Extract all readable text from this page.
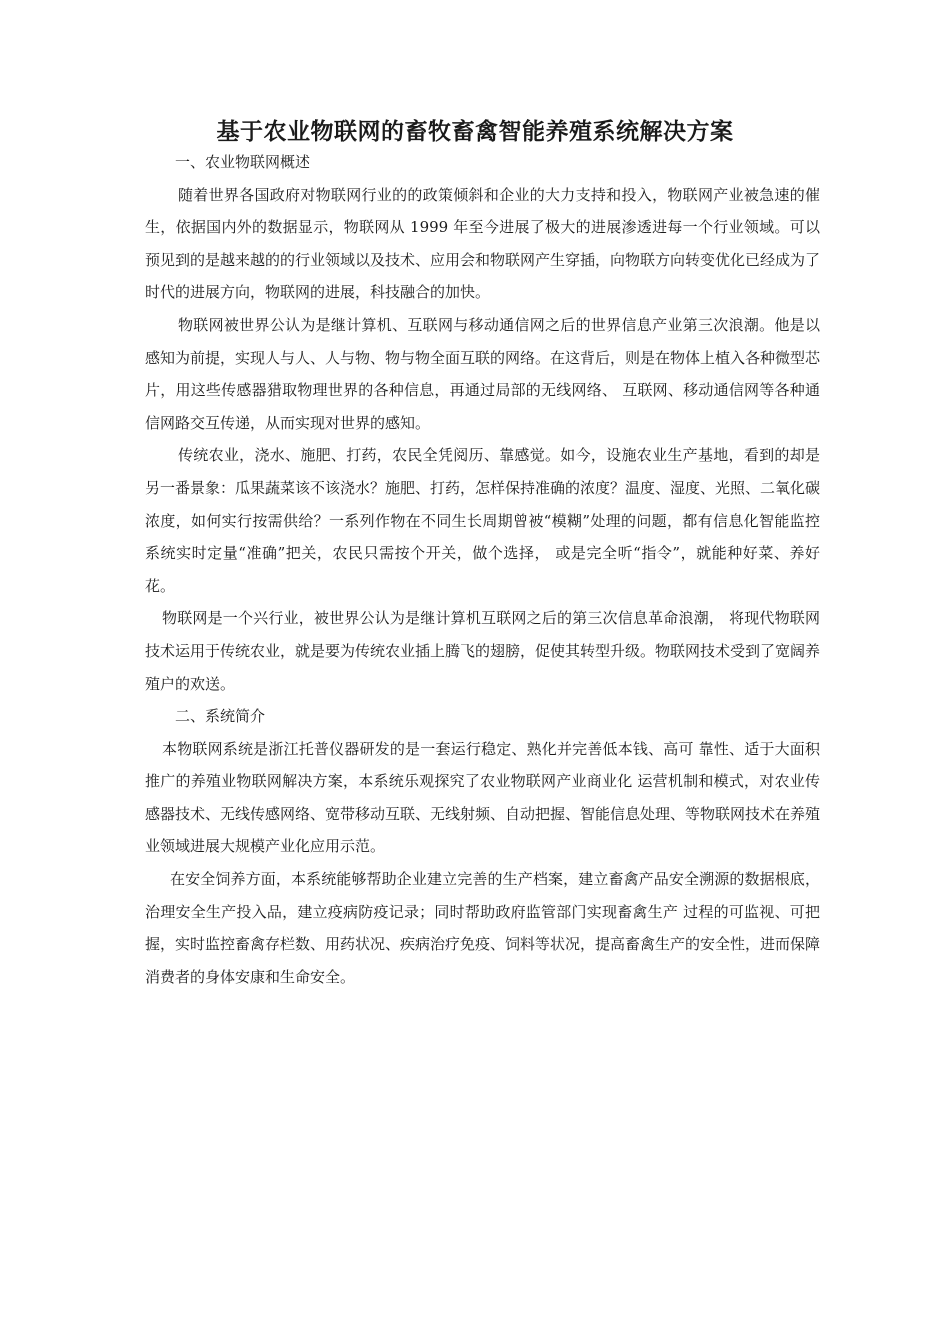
基于农业物联网的畜牧畜禽智能养殖系统解决方案

一、农业物联网概述

随着世界各国政府对物联网行业的的政策倾斜和企业的大力支持和投入，物联网产业被急速的催生，依据国内外的数据显示，物联网从 1999 年至今进展了极大的进展渗透进每一个行业领域。可以预见到的是越来越的的行业领域以及技术、应用会和物联网产生穿插，向物联方向转变优化已经成为了时代的进展方向，物联网的进展，科技融合的加快。

物联网被世界公认为是继计算机、互联网与移动通信网之后的世界信息产业第三次浪潮。他是以感知为前提，实现人与人、人与物、物与物全面互联的网络。在这背后，则是在物体上植入各种微型芯片，用这些传感器猎取物理世界的各种信息，再通过局部的无线网络、 互联网、移动通信网等各种通信网路交互传递，从而实现对世界的感知。

传统农业，浇水、施肥、打药，农民全凭阅历、靠感觉。如今，设施农业生产基地，看到的却是另一番景象：瓜果蔬菜该不该浇水？施肥、打药，怎样保持准确的浓度？温度、湿度、光照、二氧化碳浓度，如何实行按需供给？一系列作物在不同生长周期曾被“模糊”处理的问题，都有信息化智能监控系统实时定量“准确”把关，农民只需按个开关，做个选择， 或是完全听“指令”，就能种好菜、养好花。

物联网是一个兴行业，被世界公认为是继计算机互联网之后的第三次信息革命浪潮， 将现代物联网技术运用于传统农业，就是要为传统农业插上腾飞的翅膀，促使其转型升级。物联网技术受到了宽阔养殖户的欢送。

二、系统简介

本物联网系统是浙江托普仪器研发的是一套运行稳定、熟化并完善低本钱、高可 靠性、适于大面积推广的养殖业物联网解决方案，本系统乐观探究了农业物联网产业商业化 运营机制和模式，对农业传感器技术、无线传感网络、宽带移动互联、无线射频、自动把握、智能信息处理、等物联网技术在养殖业领域进展大规模产业化应用示范。

在安全饲养方面，本系统能够帮助企业建立完善的生产档案，建立畜禽产品安全溯源的数据根底，治理安全生产投入品，建立疫病防疫记录；同时帮助政府监管部门实现畜禽生产 过程的可监视、可把握，实时监控畜禽存栏数、用药状况、疾病治疗免疫、饲料等状况，提高畜禽生产的安全性，进而保障消费者的身体安康和生命安全。
